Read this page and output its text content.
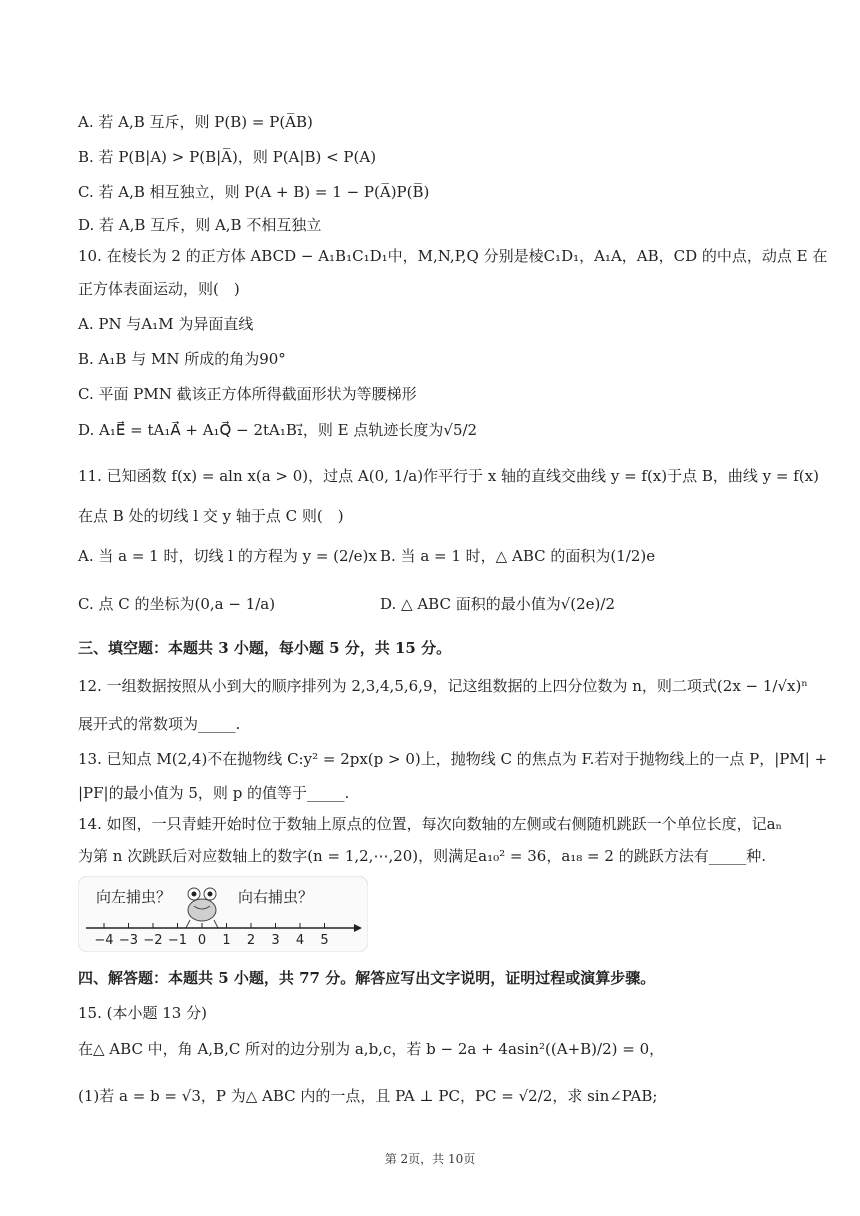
A. 若 A,B 互斥，则 P(B) = P(A̅B)
B. 若 P(B|A) > P(B|A̅)，则 P(A|B) < P(A)
C. 若 A,B 相互独立，则 P(A + B) = 1 − P(A̅)P(B̅)
D. 若 A,B 互斥，则 A,B 不相互独立
10. 在棱长为 2 的正方体 ABCD − A₁B₁C₁D₁中，M,N,P,Q 分别是棱C₁D₁，A₁A，AB，CD 的中点，动点 E 在
正方体表面运动，则(　)
A. PN 与A₁M 为异面直线
B. A₁B 与 MN 所成的角为90°
C. 平面 PMN 截该正方体所得截面形状为等腰梯形
D. A₁E⃗ = tA₁A⃗ + A₁Q⃗ − 2tA₁B₁⃗，则 E 点轨迹长度为√5/2
11. 已知函数 f(x) = aln x(a > 0)，过点 A(0, 1/a)作平行于 x 轴的直线交曲线 y = f(x)于点 B，曲线 y = f(x)
在点 B 处的切线 l 交 y 轴于点 C 则(　)
三、填空题：本题共 3 小题，每小题 5 分，共 15 分。
12. 一组数据按照从小到大的顺序排列为 2,3,4,5,6,9，记这组数据的上四分位数为 n，则二项式(2x − 1/√x)ⁿ
展开式的常数项为_____.
13. 已知点 M(2,4)不在抛物线 C:y² = 2px(p > 0)上，抛物线 C 的焦点为 F.若对于抛物线上的一点 P，|PM| +
|PF|的最小值为 5，则 p 的值等于_____.
14. 如图，一只青蛙开始时位于数轴上原点的位置，每次向数轴的左侧或右侧随机跳跃一个单位长度，记aₙ
为第 n 次跳跃后对应数轴上的数字(n = 1,2,⋯,20)，则满足a₁₀² = 36，a₁₈ = 2 的跳跃方法有_____种.
四、解答题：本题共 5 小题，共 77 分。解答应写出文字说明，证明过程或演算步骤。
15. (本小题 13 分)
在△ ABC 中，角 A,B,C 所对的边分别为 a,b,c，若 b − 2a + 4asin²((A+B)/2) = 0，
(1)若 a = b = √3，P 为△ ABC 内的一点，且 PA ⊥ PC，PC = √2/2，求 sin∠PAB;
A. 当 a = 1 时，切线 l 的方程为 y = (2/e)x B. 当 a = 1 时，△ ABC 的面积为(1/2)e
C. 点 C 的坐标为(0,a − 1/a)	D. △ ABC 面积的最小值为√(2e)/2
向左捕虫？	向右捕虫？
−4 −3 −2 −1 0 1 2 3 4 5
第 2页，共 10页
